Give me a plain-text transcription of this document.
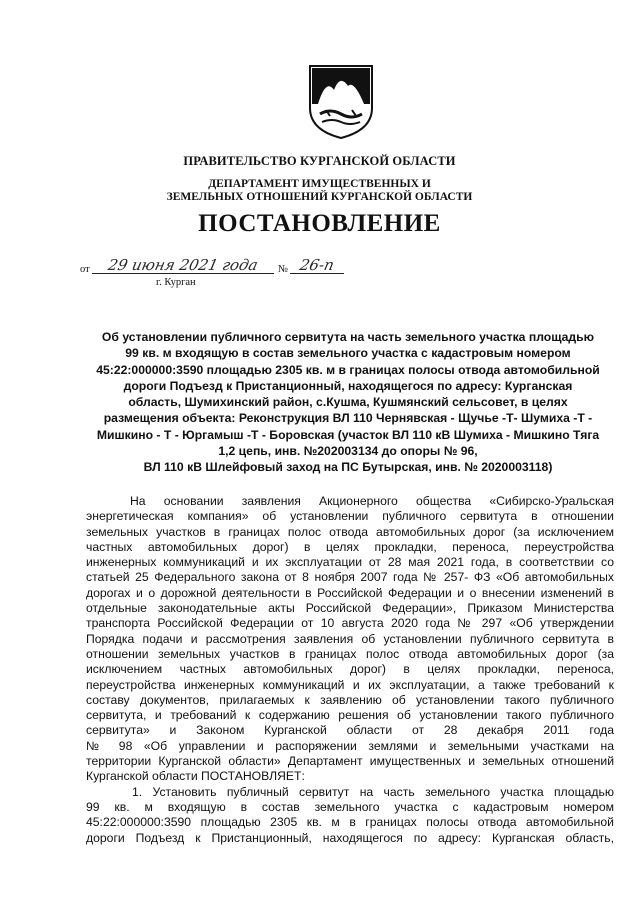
ПРАВИТЕЛЬСТВО КУРГАНСКОЙ ОБЛАСТИ
ДЕПАРТАМЕНТ ИМУЩЕСТВЕННЫХ И
ЗЕМЕЛЬНЫХ ОТНОШЕНИЙ КУРГАНСКОЙ ОБЛАСТИ
ПОСТАНОВЛЕНИЕ
от	29 июня 2021 года	№ 26-п
г. Курган
Об установлении публичного сервитута на часть земельного участка площадью
99 кв. м входящую в состав земельного участка с кадастровым номером
45:22:000000:3590 площадью 2305 кв. м в границах полосы отвода автомобильной
дороги Подъезд к Пристанционный, находящегося по адресу: Курганская
область, Шумихинский район, с.Кушма, Кушмянский сельсовет, в целях
размещения объекта: Реконструкция ВЛ 110 Чернявская - Щучье -Т- Шумиха -Т -
Мишкино - Т - Юргамыш -Т - Боровская (участок ВЛ 110 кВ Шумиха - Мишкино Тяга
1,2 цепь, инв. №202003134 до опоры № 96,
ВЛ 110 кВ Шлейфовый заход на ПС Бутырская, инв. № 2020003118)
На основании заявления Акционерного общества «Сибирско-Уральская
энергетическая компания» об установлении публичного сервитута в отношении
земельных участков в границах полос отвода автомобильных дорог (за исключением
частных автомобильных дорог) в целях прокладки, переноса, переустройства
инженерных коммуникаций и их эксплуатации от 28 мая 2021 года, в соответствии со
статьей 25 Федерального закона от 8 ноября 2007 года № 257- ФЗ «Об автомобильных
дорогах и о дорожной деятельности в Российской Федерации и о внесении изменений в
отдельные законодательные акты Российской Федерации», Приказом Министерства
транспорта Российской Федерации от 10 августа 2020 года № 297 «Об утверждении
Порядка подачи и рассмотрения заявления об установлении публичного сервитута в
отношении земельных участков в границах полос отвода автомобильных дорог (за
исключением частных автомобильных дорог) в целях прокладки, переноса,
переустройства инженерных коммуникаций и их эксплуатации, а также требований к
составу документов, прилагаемых к заявлению об установлении такого публичного
сервитута, и требований к содержанию решения об установлении такого публичного
сервитута» и Законом Курганской области от 28 декабря 2011 года
№ 98 «Об управлении и распоряжении землями и земельными участками на
территории Курганской области» Департамент имущественных и земельных отношений
Курганской области ПОСТАНОВЛЯЕТ:
1. Установить публичный сервитут на часть земельного участка площадью
99 кв. м входящую в состав земельного участка с кадастровым номером
45:22:000000:3590 площадью 2305 кв. м в границах полосы отвода автомобильной
дороги Подъезд к Пристанционный, находящегося по адресу: Курганская область,
